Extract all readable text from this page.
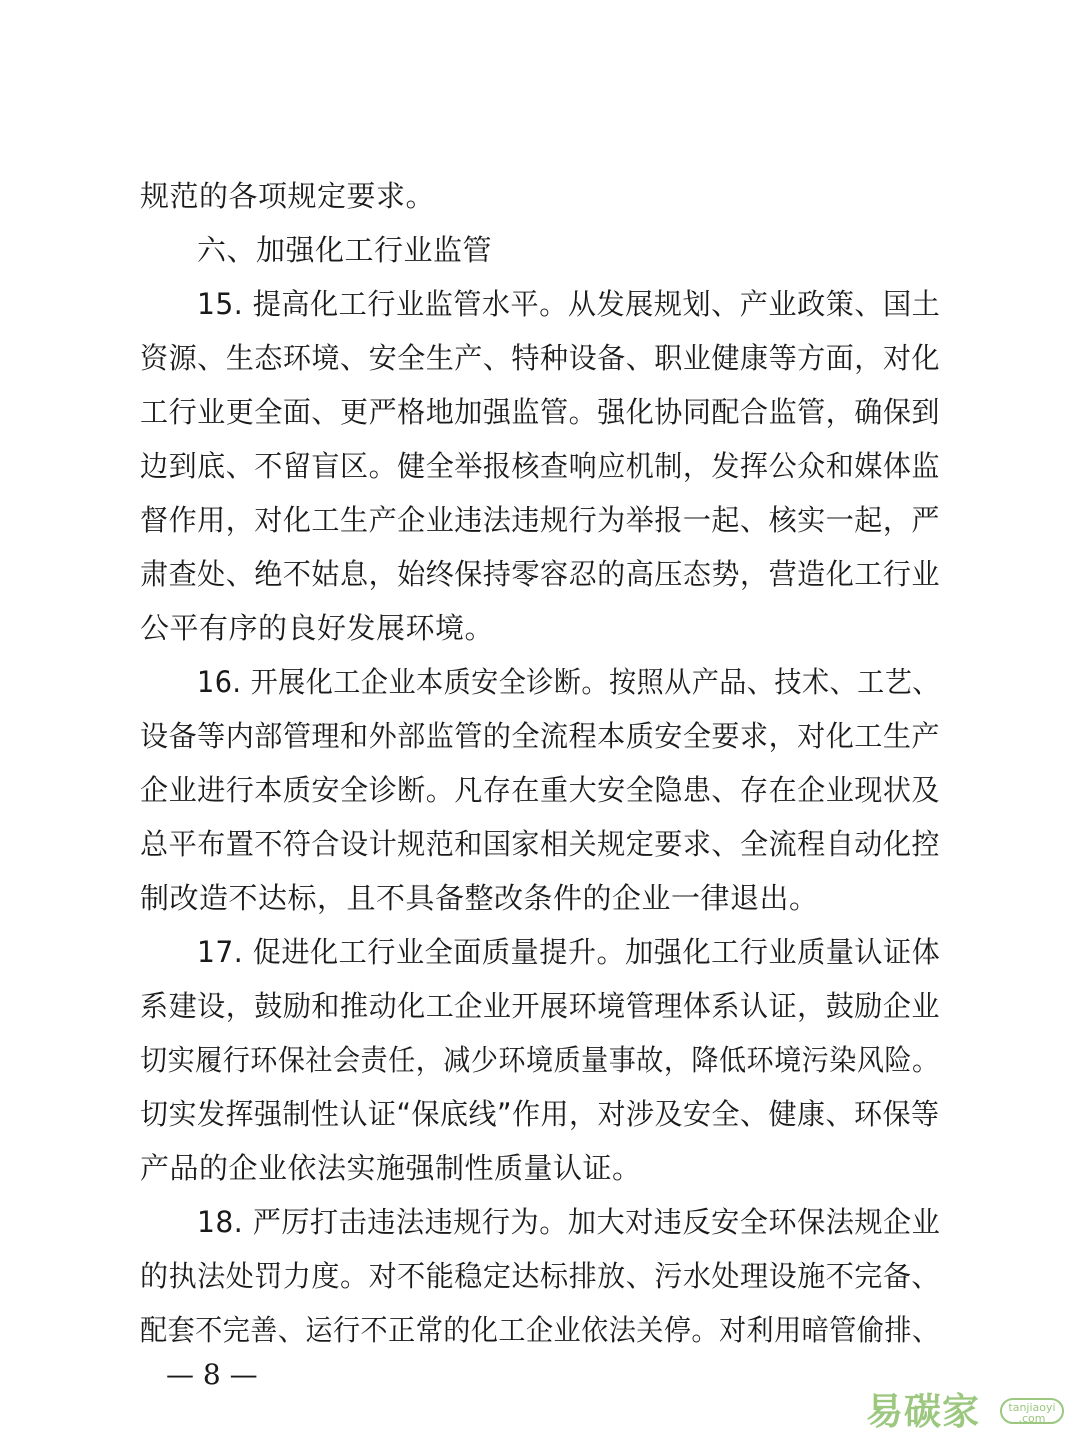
规范的各项规定要求。
六、加强化工行业监管
15. 提高化工行业监管水平。从发展规划、产业政策、国土
资源、生态环境、安全生产、特种设备、职业健康等方面，对化
工行业更全面、更严格地加强监管。强化协同配合监管，确保到
边到底、不留盲区。健全举报核查响应机制，发挥公众和媒体监
督作用，对化工生产企业违法违规行为举报一起、核实一起，严
肃查处、绝不姑息，始终保持零容忍的高压态势，营造化工行业
公平有序的良好发展环境。
16. 开展化工企业本质安全诊断。按照从产品、技术、工艺、
设备等内部管理和外部监管的全流程本质安全要求，对化工生产
企业进行本质安全诊断。凡存在重大安全隐患、存在企业现状及
总平布置不符合设计规范和国家相关规定要求、全流程自动化控
制改造不达标，且不具备整改条件的企业一律退出。
17. 促进化工行业全面质量提升。加强化工行业质量认证体
系建设，鼓励和推动化工企业开展环境管理体系认证，鼓励企业
切实履行环保社会责任，减少环境质量事故，降低环境污染风险。
切实发挥强制性认证“保底线”作用，对涉及安全、健康、环保等
产品的企业依法实施强制性质量认证。
18. 严厉打击违法违规行为。加大对违反安全环保法规企业
的执法处罚力度。对不能稳定达标排放、污水处理设施不完备、
配套不完善、运行不正常的化工企业依法关停。对利用暗管偷排、
— 8 —
易碳家	tanjiaoyi .com
